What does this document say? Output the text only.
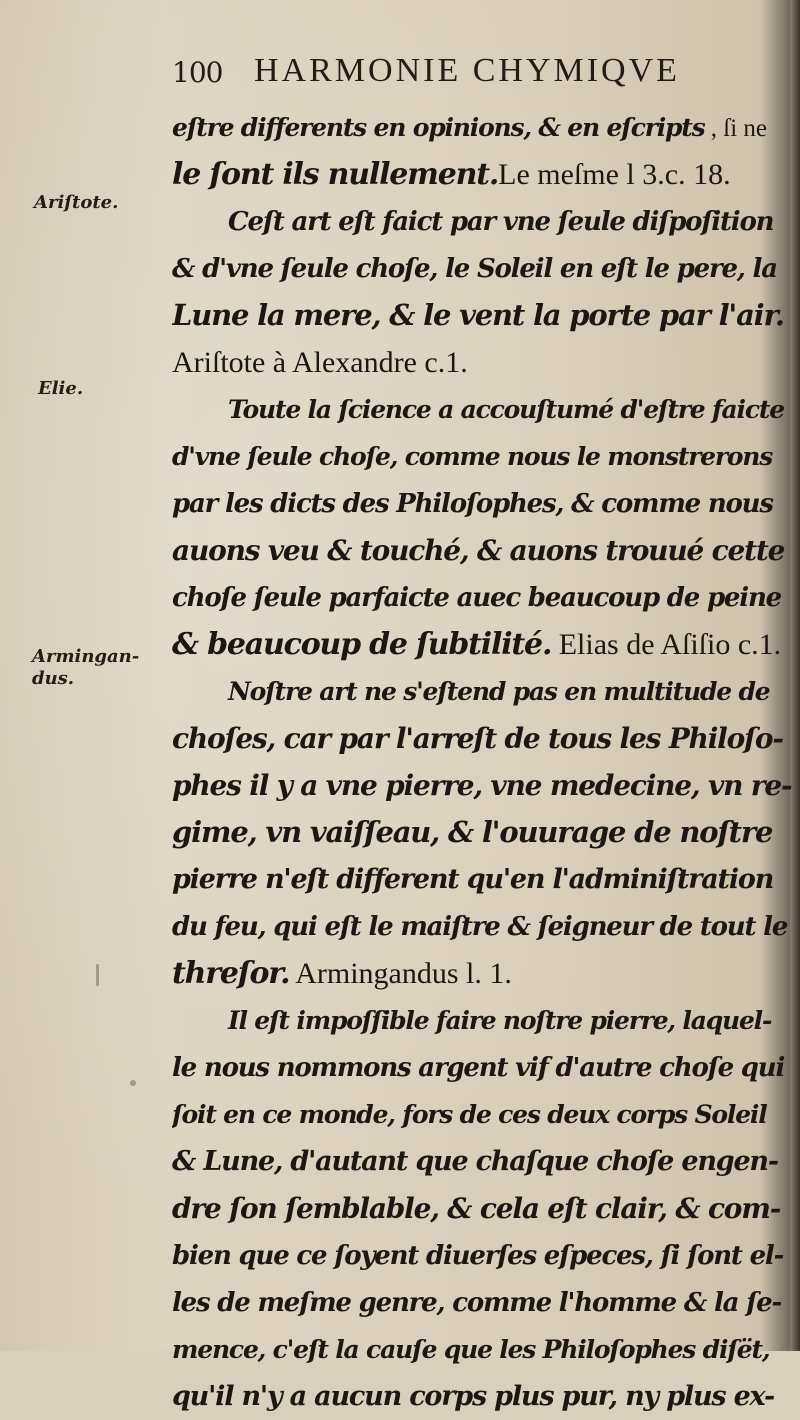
100 HARMONIE CHYMIQVE
Ariſtote.
Elie.
Armingan-
dus.
eſtre differents en opinions, & en eſcripts , ſi ne
le ſont ils nullement.Le meſme l 3.c. 18.
Ceſt art eſt faict par vne ſeule diſpoſition
& d'vne ſeule choſe, le Soleil en eſt le pere, la
Lune la mere, & le vent la porte par l'air.
Ariſtote à Alexandre c.1.
Toute la ſcience a accouſtumé d'eſtre faicte
d'vne ſeule choſe, comme nous le monstrerons
par les dicts des Philoſophes, & comme nous
auons veu & touché, & auons trouué cette
choſe ſeule parfaicte auec beaucoup de peine
& beaucoup de ſubtilité. Elias de Aſiſio c.1.
Noſtre art ne s'eſtend pas en multitude de
choſes, car par l'arreſt de tous les Philoſo-
phes il y a vne pierre, vne medecine, vn re-
gime, vn vaiſſeau, & l'ouurage de noſtre
pierre n'eſt different qu'en l'adminiſtration
du feu, qui eſt le maiſtre & ſeigneur de tout le
threſor. Armingandus l. 1.
Il eſt impoſſible faire noſtre pierre, laquel-
le nous nommons argent vif d'autre choſe qui
ſoit en ce monde, fors de ces deux corps Soleil
& Lune, d'autant que chaſque choſe engen-
dre ſon ſemblable, & cela eſt clair, & com-
bien que ce ſoyent diuerſes eſpeces, ſi ſont el-
les de meſme genre, comme l'homme & la ſe-
mence, c'eſt la cauſe que les Philoſophes diſët,
qu'il n'y a aucun corps plus pur, ny plus ex-
